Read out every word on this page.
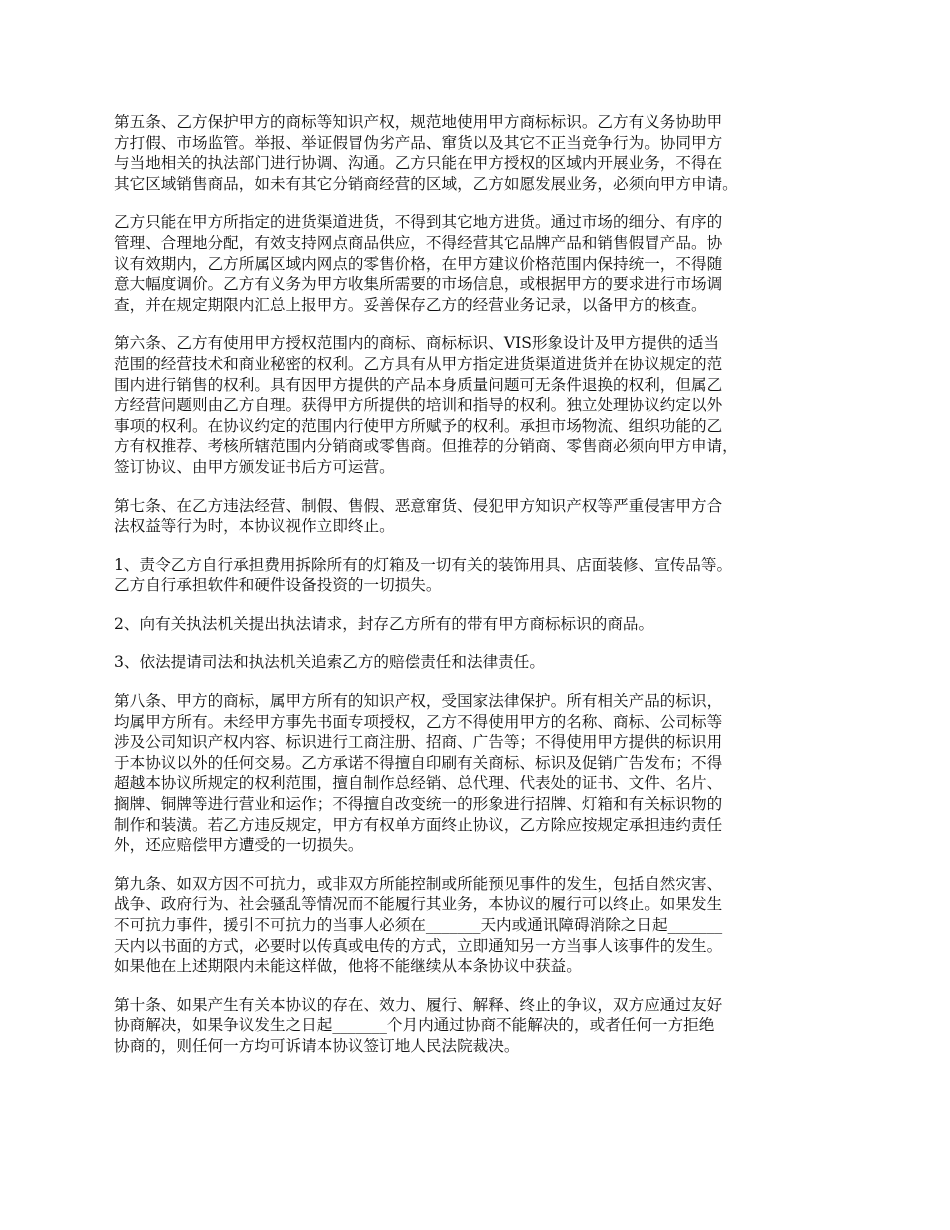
第五条、乙方保护甲方的商标等知识产权，规范地使用甲方商标标识。乙方有义务协助甲
方打假、市场监管。举报、举证假冒伪劣产品、窜货以及其它不正当竞争行为。协同甲方
与当地相关的执法部门进行协调、沟通。乙方只能在甲方授权的区域内开展业务，不得在
其它区域销售商品，如未有其它分销商经营的区域，乙方如愿发展业务，必须向甲方申请。

乙方只能在甲方所指定的进货渠道进货，不得到其它地方进货。通过市场的细分、有序的
管理、合理地分配，有效支持网点商品供应，不得经营其它品牌产品和销售假冒产品。协
议有效期内，乙方所属区域内网点的零售价格，在甲方建议价格范围内保持统一，不得随
意大幅度调价。乙方有义务为甲方收集所需要的市场信息，或根据甲方的要求进行市场调
查，并在规定期限内汇总上报甲方。妥善保存乙方的经营业务记录，以备甲方的核查。

第六条、乙方有使用甲方授权范围内的商标、商标标识、VIS形象设计及甲方提供的适当
范围的经营技术和商业秘密的权利。乙方具有从甲方指定进货渠道进货并在协议规定的范
围内进行销售的权利。具有因甲方提供的产品本身质量问题可无条件退换的权利，但属乙
方经营问题则由乙方自理。获得甲方所提供的培训和指导的权利。独立处理协议约定以外
事项的权利。在协议约定的范围内行使甲方所赋予的权利。承担市场物流、组织功能的乙
方有权推荐、考核所辖范围内分销商或零售商。但推荐的分销商、零售商必须向甲方申请，
签订协议、由甲方颁发证书后方可运营。

第七条、在乙方违法经营、制假、售假、恶意窜货、侵犯甲方知识产权等严重侵害甲方合
法权益等行为时，本协议视作立即终止。

1、责令乙方自行承担费用拆除所有的灯箱及一切有关的装饰用具、店面装修、宣传品等。
乙方自行承担软件和硬件设备投资的一切损失。

2、向有关执法机关提出执法请求，封存乙方所有的带有甲方商标标识的商品。

3、依法提请司法和执法机关追索乙方的赔偿责任和法律责任。

第八条、甲方的商标，属甲方所有的知识产权，受国家法律保护。所有相关产品的标识，
均属甲方所有。未经甲方事先书面专项授权，乙方不得使用甲方的名称、商标、公司标等
涉及公司知识产权内容、标识进行工商注册、招商、广告等；不得使用甲方提供的标识用
于本协议以外的任何交易。乙方承诺不得擅自印刷有关商标、标识及促销广告发布；不得
超越本协议所规定的权利范围，擅自制作总经销、总代理、代表处的证书、文件、名片、
搁牌、铜牌等进行营业和运作；不得擅自改变统一的形象进行招牌、灯箱和有关标识物的
制作和装潢。若乙方违反规定，甲方有权单方面终止协议，乙方除应按规定承担违约责任
外，还应赔偿甲方遭受的一切损失。

第九条、如双方因不可抗力，或非双方所能控制或所能预见事件的发生，包括自然灾害、
战争、政府行为、社会骚乱等情况而不能履行其业务，本协议的履行可以终止。如果发生
不可抗力事件，援引不可抗力的当事人必须在_______天内或通讯障碍消除之日起_______
天内以书面的方式，必要时以传真或电传的方式，立即通知另一方当事人该事件的发生。
如果他在上述期限内未能这样做，他将不能继续从本条协议中获益。

第十条、如果产生有关本协议的存在、效力、履行、解释、终止的争议，双方应通过友好
协商解决，如果争议发生之日起_______个月内通过协商不能解决的，或者任何一方拒绝
协商的，则任何一方均可诉请本协议签订地人民法院裁决。
